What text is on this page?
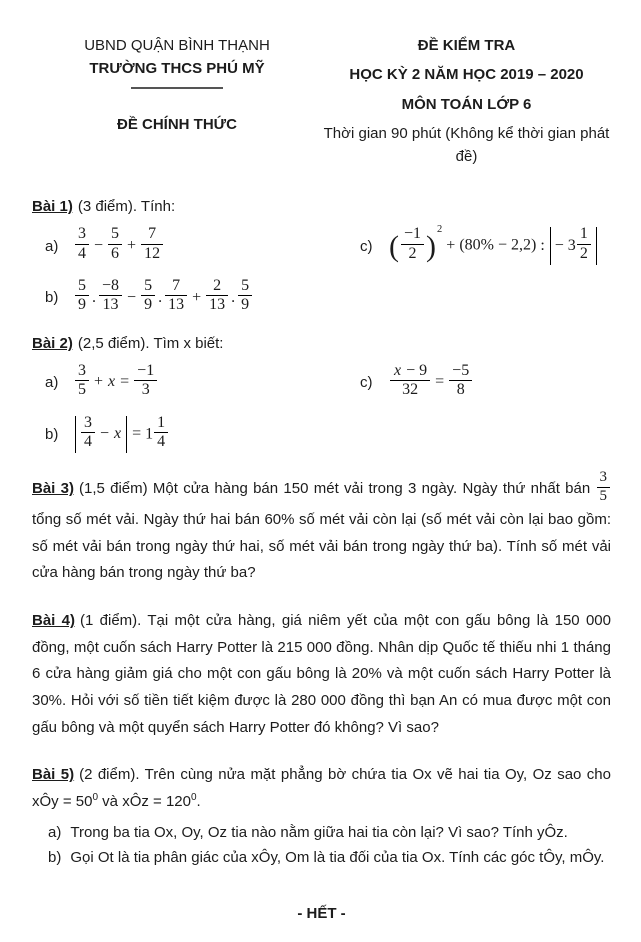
UBND QUẬN BÌNH THẠNH
TRƯỜNG THCS PHÚ MỸ
ĐỀ CHÍNH THỨC
ĐỀ KIỂM TRA
HỌC KỲ 2 NĂM HỌC 2019 – 2020
MÔN TOÁN LỚP 6
Thời gian 90 phút (Không kể thời gian phát đề)
Bài 1) (3 điểm). Tính:
$a) \frac{3}{4} - \frac{5}{6} + \frac{7}{12}$	c) ( $\frac{-1}{2}$ ) 2
+ (80% − 2,2) : − $3 \frac{1}{2}$
$b) \frac{5}{9}$ . $\frac{-8}{13} - \frac{5}{9}$ . $\frac{7}{13} + \frac{2}{13}$ . $\frac{5}{9}$
Bài 2) (2,5 điểm). Tìm x biết:
$a) \frac{3}{5} + x = \frac{-1}{3}$	$c) \frac{x - 9}{32} = \frac{-5}{8}$
$b) \frac{3}{4} - x = 1 \frac{1}{4}$

Bài 3) (1,5 điểm) Một cửa hàng bán 150 mét vải trong 3 ngày. Ngày thứ nhất bán $\frac{3}{5}$
tổng số mét vải. Ngày thứ hai bán 60% số mét vải còn lại (số mét vải còn lại bao gồm: số mét vải bán trong ngày thứ hai, số mét vải bán trong ngày thứ ba). Tính số mét vải cửa hàng bán trong ngày thứ ba?

Bài 4) (1 điểm). Tại một cửa hàng, giá niêm yết của một con gấu bông là 150 000 đồng, một cuốn sách Harry Potter là 215 000 đồng. Nhân dịp Quốc tế thiếu nhi 1 tháng 6 cửa hàng giảm giá cho một con gấu bông là 20% và một cuốn sách Harry Potter là 30%. Hỏi với số tiền tiết kiệm được là 280 000 đồng thì bạn An có mua được một con gấu bông và một quyển sách Harry Potter đó không? Vì sao?

Bài 5) (2 điểm). Trên cùng nửa mặt phẳng bờ chứa tia Ox vẽ hai tia Oy, Oz sao cho xÔy = $50^0$ và xÔz = $120^0$.

a) Trong ba tia Ox, Oy, Oz tia nào nằm giữa hai tia còn lại? Vì sao? Tính yÔz.
b) Gọi Ot là tia phân giác của xÔy, Om là tia đối của tia Ox. Tính các góc tÔy, mÔy.
- HẾT -
